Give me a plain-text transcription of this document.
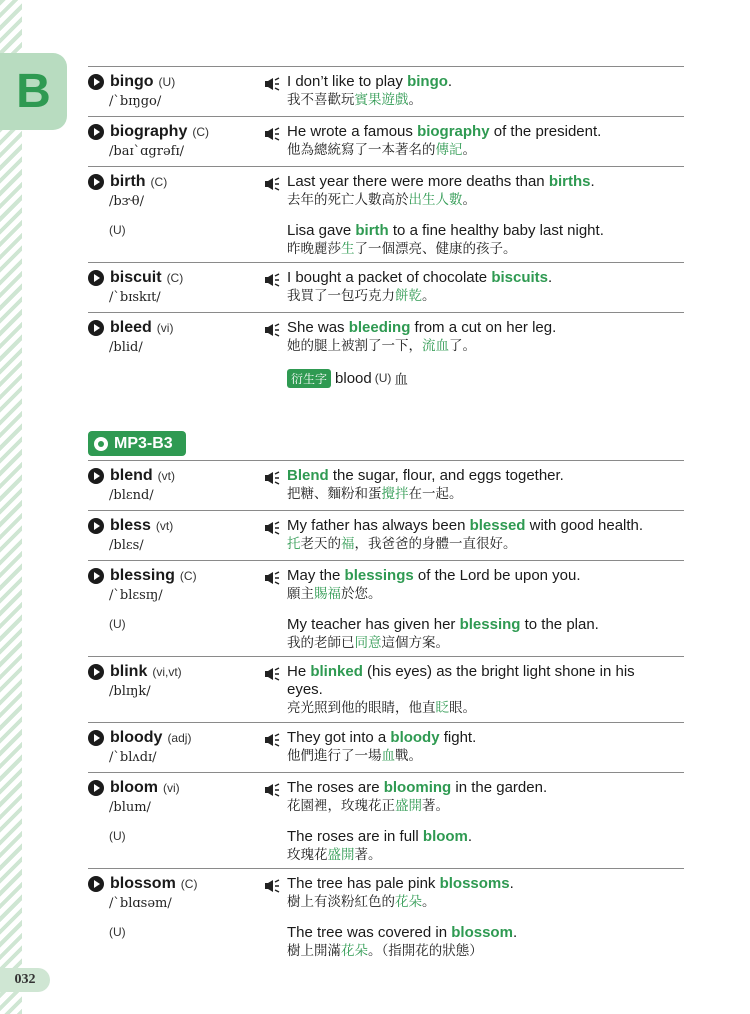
B	bingo (U)
/ˋbɪŋgo/
I don’t like to play bingo.
我不喜歡玩賓果遊戲。
biography (C)
/baɪˋɑgrəfɪ/
He wrote a famous biography of the president.
他為總統寫了一本著名的傳記。
birth (C)
/bɝθ/
(U)
Last year there were more deaths than births.
去年的死亡人數高於出生人數。
Lisa gave birth to a fine healthy baby last night.
昨晚麗莎生了一個漂亮、健康的孩子。
biscuit (C)
/ˋbɪskɪt/
I bought a packet of chocolate biscuits.
我買了一包巧克力餅乾。
bleed (vi)
/blid/
She was bleeding from a cut on her leg.
她的腿上被割了一下，流血了。
衍生字 blood (U) 血
MP3-B3
blend (vt)
/blɛnd/
Blend the sugar, flour, and eggs together.
把糖、麵粉和蛋攪拌在一起。
bless (vt)
/blɛs/
My father has always been blessed with good health.
托老天的福，我爸爸的身體一直很好。
blessing (C)
/ˋblɛsɪŋ/
(U)
May the blessings of the Lord be upon you.
願主賜福於您。
My teacher has given her blessing to the plan.
我的老師已同意這個方案。
blink (vi,vt)
/blɪŋk/
He blinked (his eyes) as the bright light shone in his eyes.
亮光照到他的眼睛，他直眨眼。
bloody (adj)
/ˋblʌdɪ/
They got into a bloody fight.
他們進行了一場血戰。
bloom (vi)
/blum/
(U)
The roses are blooming in the garden.
花園裡，玫瑰花正盛開著。
The roses are in full bloom.
玫瑰花盛開著。
blossom (C)
/ˋblɑsəm/
(U)
The tree has pale pink blossoms.
樹上有淡粉紅色的花朵。
The tree was covered in blossom.
樹上開滿花朵。（指開花的狀態）
032
